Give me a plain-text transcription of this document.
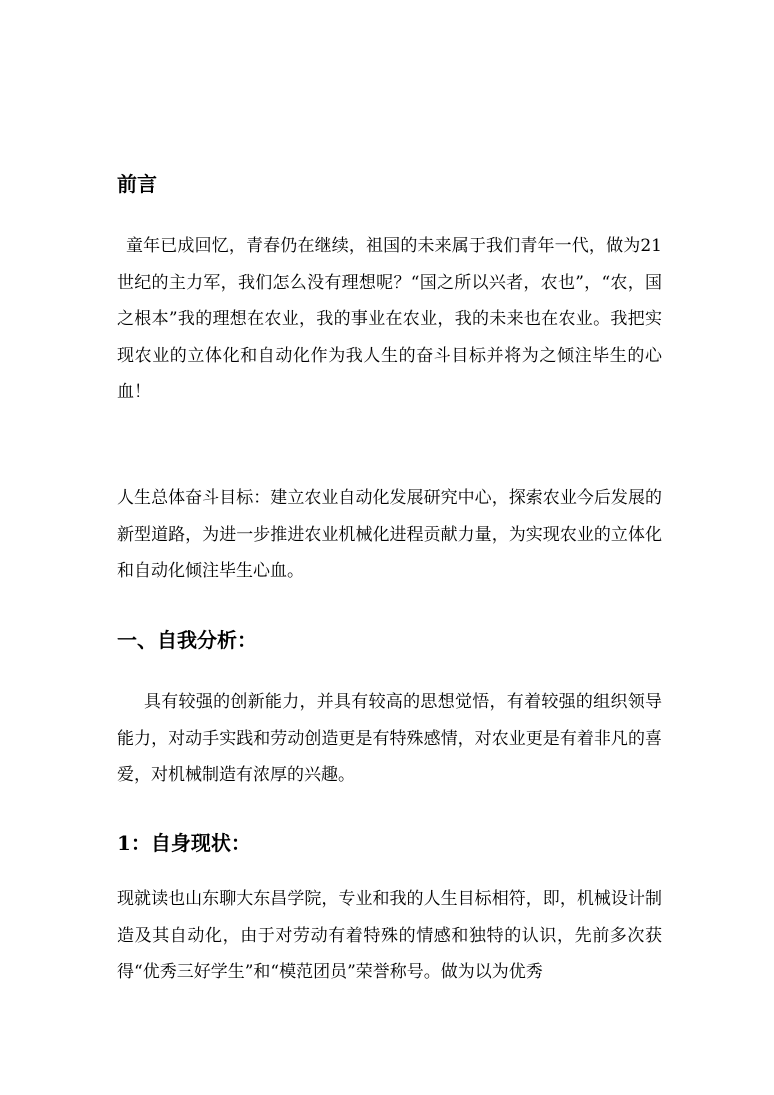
前言
童年已成回忆，青春仍在继续，祖国的未来属于我们青年一代，做为21世纪的主力军，我们怎么没有理想呢？“国之所以兴者，农也”，“农，国之根本”我的理想在农业，我的事业在农业，我的未来也在农业。我把实现农业的立体化和自动化作为我人生的奋斗目标并将为之倾注毕生的心血！
人生总体奋斗目标：建立农业自动化发展研究中心，探索农业今后发展的新型道路，为进一步推进农业机械化进程贡献力量，为实现农业的立体化和自动化倾注毕生心血。
一、自我分析：
具有较强的创新能力，并具有较高的思想觉悟，有着较强的组织领导能力，对动手实践和劳动创造更是有特殊感情，对农业更是有着非凡的喜爱，对机械制造有浓厚的兴趣。
1：自身现状：
现就读也山东聊大东昌学院，专业和我的人生目标相符，即，机械设计制造及其自动化，由于对劳动有着特殊的情感和独特的认识，先前多次获得“优秀三好学生”和“模范团员”荣誉称号。做为以为优秀
